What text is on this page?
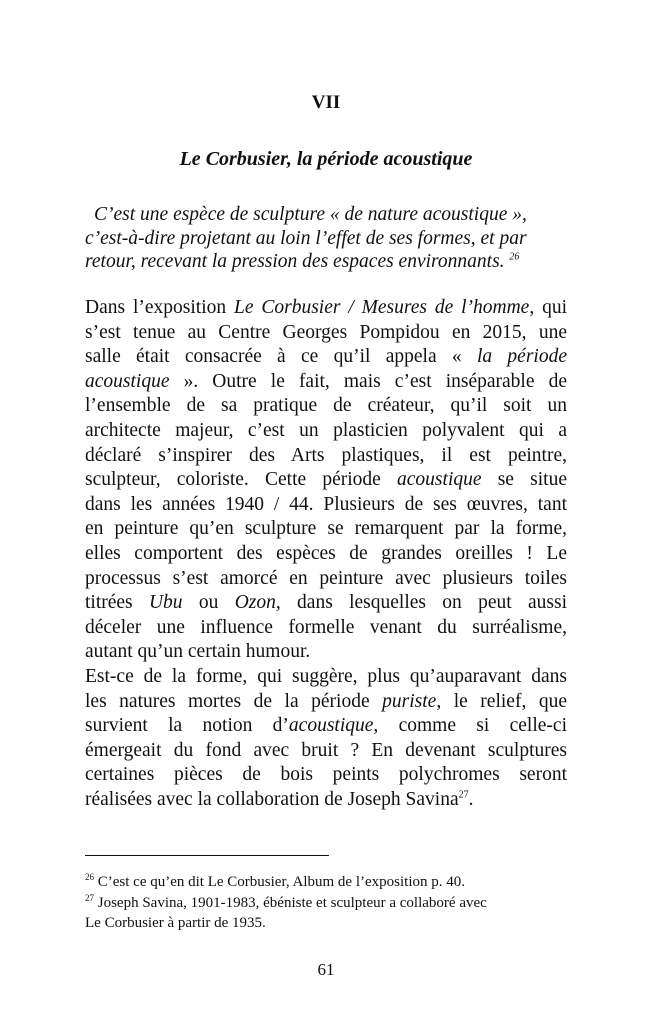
VII
Le Corbusier, la période acoustique
C’est une espèce de sculpture « de nature acoustique »,
c’est-à-dire projetant au loin l’effet de ses formes, et par
retour, recevant la pression des espaces environnants. $^{26}$
Dans l’exposition Le Corbusier / Mesures de l’homme, qui
s’est tenue au Centre Georges Pompidou en 2015, une
salle était consacrée à ce qu’il appela « la période
acoustique ». Outre le fait, mais c’est inséparable de
l’ensemble de sa pratique de créateur, qu’il soit un
architecte majeur, c’est un plasticien polyvalent qui a
déclaré s’inspirer des Arts plastiques, il est peintre,
sculpteur, coloriste. Cette période acoustique se situe
dans les années 1940 / 44. Plusieurs de ses œuvres, tant
en peinture qu’en sculpture se remarquent par la forme,
elles comportent des espèces de grandes oreilles ! Le
processus s’est amorcé en peinture avec plusieurs toiles
titrées Ubu ou Ozon, dans lesquelles on peut aussi
déceler une influence formelle venant du surréalisme,
autant qu’un certain humour.
Est-ce de la forme, qui suggère, plus qu’auparavant dans
les natures mortes de la période puriste, le relief, que
survient la notion d’acoustique, comme si celle-ci
émergeait du fond avec bruit ? En devenant sculptures
certaines pièces de bois peints polychromes seront
réalisées avec la collaboration de Joseph Savina$^{27}$.
$^{26}$ C’est ce qu’en dit Le Corbusier, Album de l’exposition p. 40.
$^{27}$ Joseph Savina, 1901-1983, ébéniste et sculpteur a collaboré avec
Le Corbusier à partir de 1935.
61
